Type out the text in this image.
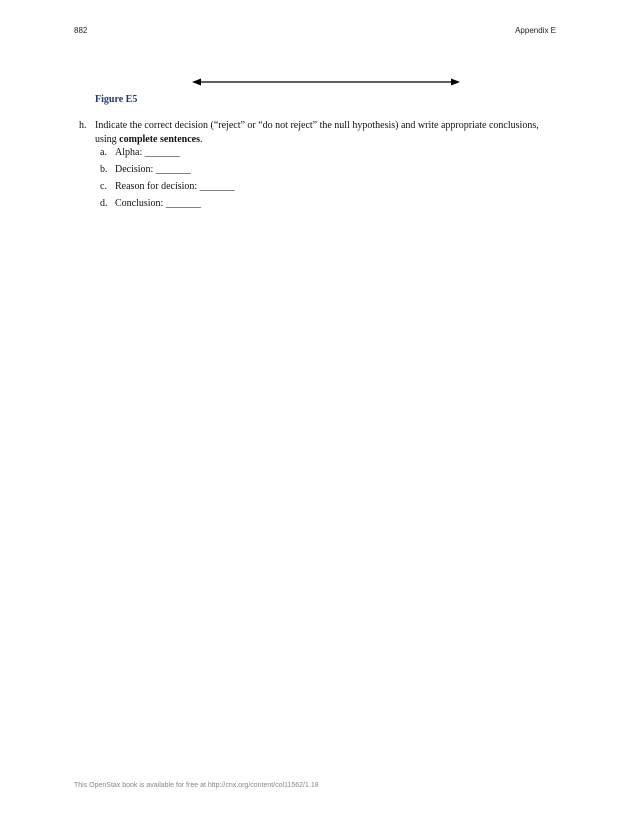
882	Appendix E
Figure E5
h. Indicate the correct decision (“reject” or “do not reject” the null hypothesis) and write appropriate conclusions, using complete sentences.
a. Alpha: _______
b. Decision: _______
c. Reason for decision: _______
d. Conclusion: _______
This OpenStax book is available for free at http://cnx.org/content/col11562/1.18
